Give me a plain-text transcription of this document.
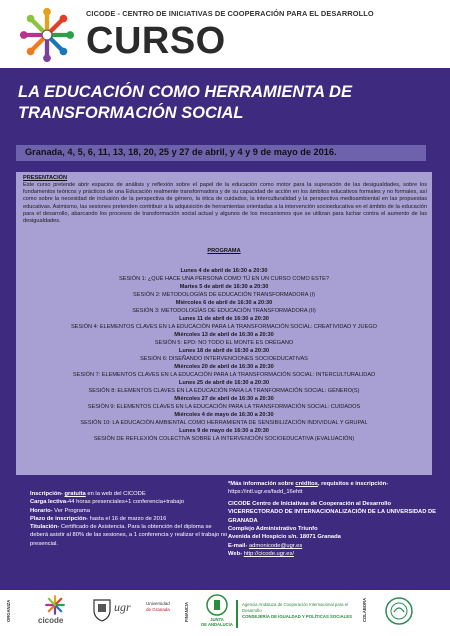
CICODE - CENTRO DE INICIATIVAS DE COOPERACIÓN PARA EL DESARROLLO
CURSO
LA EDUCACIÓN COMO HERRAMIENTA DE
TRANSFORMACIÓN SOCIAL
Granada, 4, 5, 6, 11, 13, 18, 20, 25 y 27 de abril, y 4 y 9 de mayo de 2016.
PRESENTACIÓN
Este curso pretende abrir espacios de análisis y reflexión sobre el papel de la educación como motor para la superación de las desigualdades, sobre los fundamentos teóricos y prácticos de una Educación realmente transformadora y de su capacidad de acción en los ámbitos educativos formales y no formales, así como sobre la necesidad de inclusión de la perspectiva de género, la ética de cuidados, la interculturalidad y la perspectiva medioambiental en las propuestas educativas. Asimismo, las sesiones pretenden contribuir a la adquisición de herramientas orientadas a la intervención socioeducativa en el ámbito de la educación para el desarrollo, abarcando los procesos de transformación social actual y algunos de los mecanismos que se utilizan para luchar contra el aumento de las desigualdades.
PROGRAMA
Lunes 4 de abril de 16:30 a 20:30
SESIÓN 1: ¿QUÉ HACE UNA PERSONA COMO TÚ EN UN CURSO COMO ESTE?
Martes 5 de abril de 16:30 a 20:30
SESIÓN 2: METODOLOGÍAS DE EDUCACIÓN TRANSFORMADORA (I)
Miércoles 6 de abril de 16:30 a 20:30
SESIÓN 3: METODOLOGÍAS DE EDUCACIÓN TRANSFORMADORA (II)
Lunes 11 de abril de 16:30 a 20:30
SESIÓN 4: ELEMENTOS CLAVES EN LA EDUCACIÓN PARA LA TRANSFORMACIÓN SOCIAL: CREATIVIDAD Y JUEGO
Miércoles 13 de abril de 16:30 a 20:30
SESIÓN 5: EPD: NO TODO EL MONTE ES ORÉGANO
Lunes 18 de abril de 16:30 a 20:30
SESIÓN 6: DISEÑANDO INTERVENCIONES SOCIOEDUCATIVAS
Miércoles 20 de abril de 16:30 a 20:30
SESIÓN 7: ELEMENTOS CLAVES EN LA EDUCACIÓN PARA LA TRANSFORMACIÓN SOCIAL: INTERCULTURALIDAD
Lunes 25 de abril de 16:30 a 20:30
SESIÓN 8: ELEMENTOS CLAVES EN LA EDUCACIÓN PARA LA TRANFORMACIÓN SOCIAL: GÉNERO(S)
Miércoles 27 de abril de 16:30 a 20:30
SESIÓN 9: ELEMENTOS CLAVES EN LA EDUCACIÓN PARA LA TRANSFORMACIÓN SOCIAL: CUIDADOS
Miércoles 4 de mayo de 16:30 a 20:30
SESIÓN 10: LA EDUCACIÓN AMBIENTAL COMO HERRAMIENTA DE SENSIBILIZACIÓN INDIVIDUAL Y GRUPAL
Lunes 9 de mayo de 16:30 a 20:30
SESIÓN DE REFLEXIÓN COLECTIVA SOBRE LA INTERVENCIÓN SOCIOEDUCATIVA (EVALUACIÓN)
Inscripción- gratuita en la web del CICODE
Carga lectiva-44 horas presenciales+1 conferencia+trabajo
Horario- Ver Programa
Plazo de inscripción- hasta el 16 de marzo de 2016
Titulación- Certificado de Asistencia. Para la obtención del diploma se deberá asistir al 80% de las sesiones, a 1 conferencia y realizar el trabajo no presencial.
*Más información sobre créditos, requisitos e inscripción-
https://intl.ugr.es/fadd_16ehtt
CICODE Centro de Iniciativas de Cooperación al Desarrollo
VICERRECTORADO DE INTERNACIONALIZACIÓN DE LA UNIVERSIDAD DE GRANADA
Complejo Administrativo Triunfo
Avenida del Hospicio s/n. 18071 Granada
E-mail- admonicode@ugr.es
Web- http://cicode.ugr.es/
ORGANIZA	cicode
ugr	Universidad
de Granada	FINANCIA	JUNTA
DE ANDALUCIA
Agencia Andaluza de Cooperación Internacional para el Desarrollo
CONSEJERÍA DE IGUALDAD Y POLÍTICAS SOCIALES COLABORA
